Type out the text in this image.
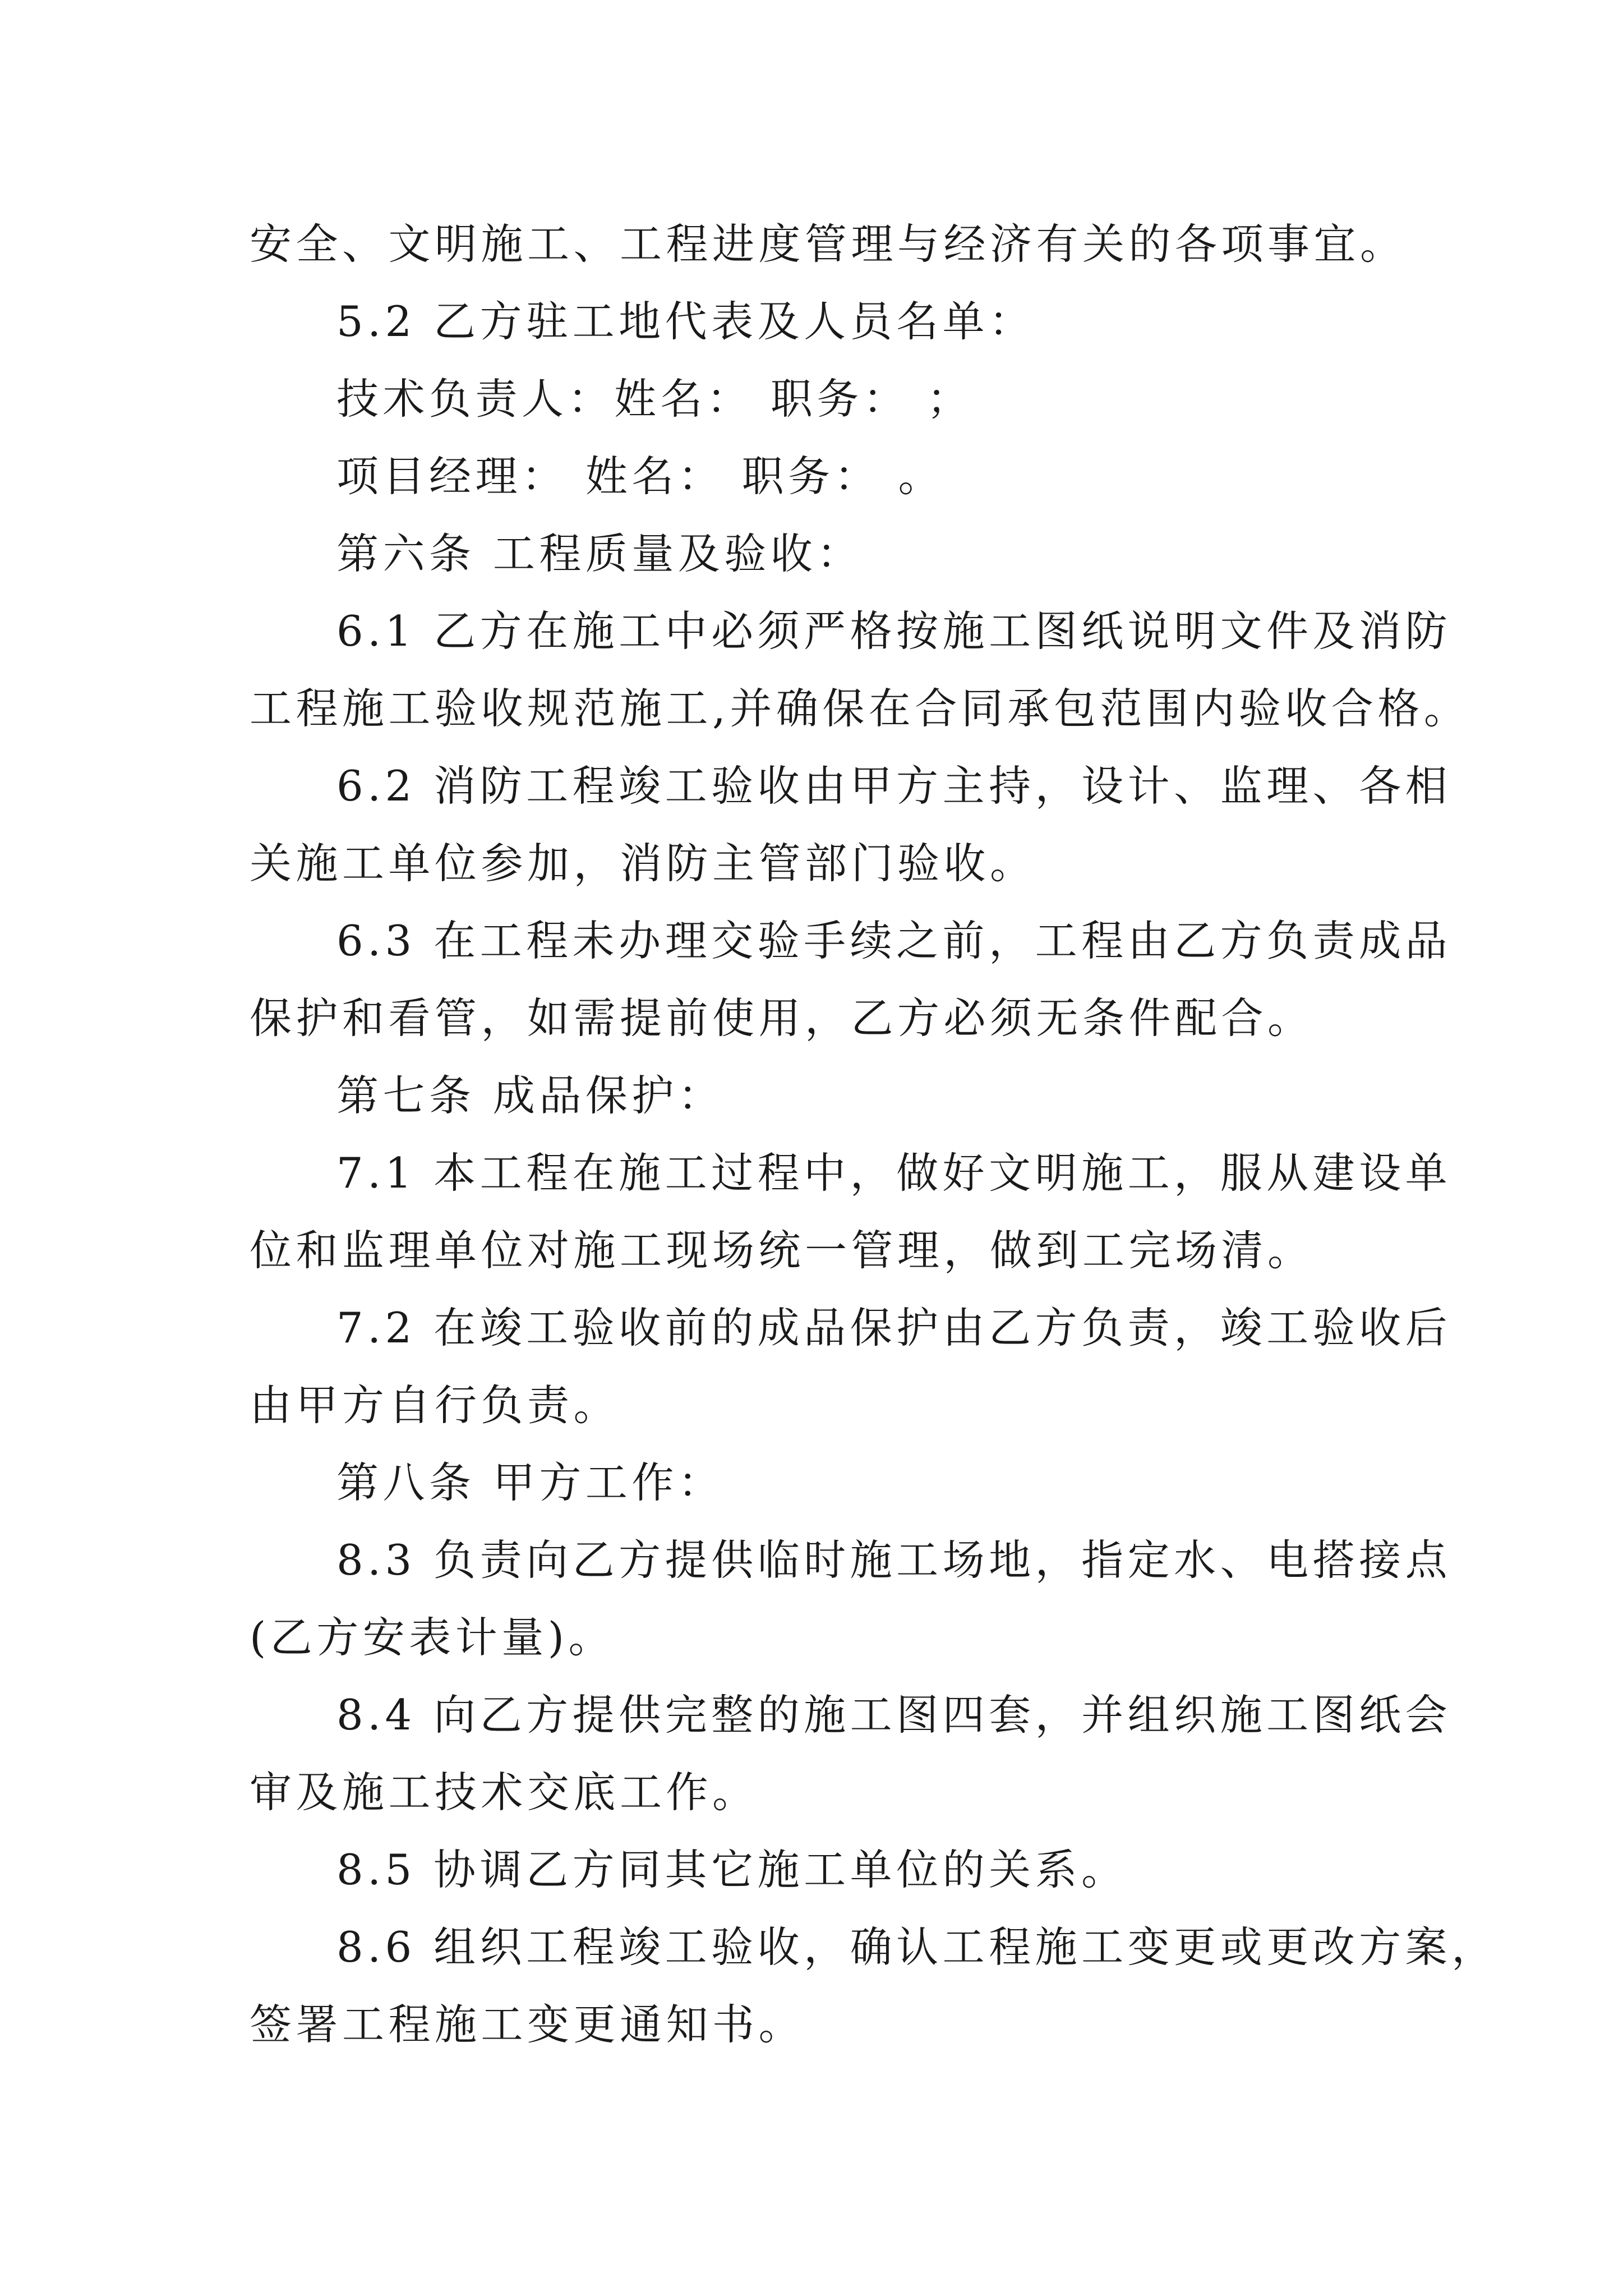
安全、文明施工、工程进度管理与经济有关的各项事宜。
5.2 乙方驻工地代表及人员名单：
技术负责人：姓名： 职务： ；
项目经理： 姓名： 职务： 。
第六条 工程质量及验收：
6.1 乙方在施工中必须严格按施工图纸说明文件及消防
工程施工验收规范施工,并确保在合同承包范围内验收合格。
6.2 消防工程竣工验收由甲方主持，设计、监理、各相
关施工单位参加，消防主管部门验收。
6.3 在工程未办理交验手续之前，工程由乙方负责成品
保护和看管，如需提前使用，乙方必须无条件配合。
第七条 成品保护：
7.1 本工程在施工过程中，做好文明施工，服从建设单
位和监理单位对施工现场统一管理，做到工完场清。
7.2 在竣工验收前的成品保护由乙方负责，竣工验收后
由甲方自行负责。
第八条 甲方工作：
8.3 负责向乙方提供临时施工场地，指定水、电搭接点
(乙方安表计量)。
8.4 向乙方提供完整的施工图四套，并组织施工图纸会
审及施工技术交底工作。
8.5 协调乙方同其它施工单位的关系。
8.6 组织工程竣工验收，确认工程施工变更或更改方案，
签署工程施工变更通知书。
